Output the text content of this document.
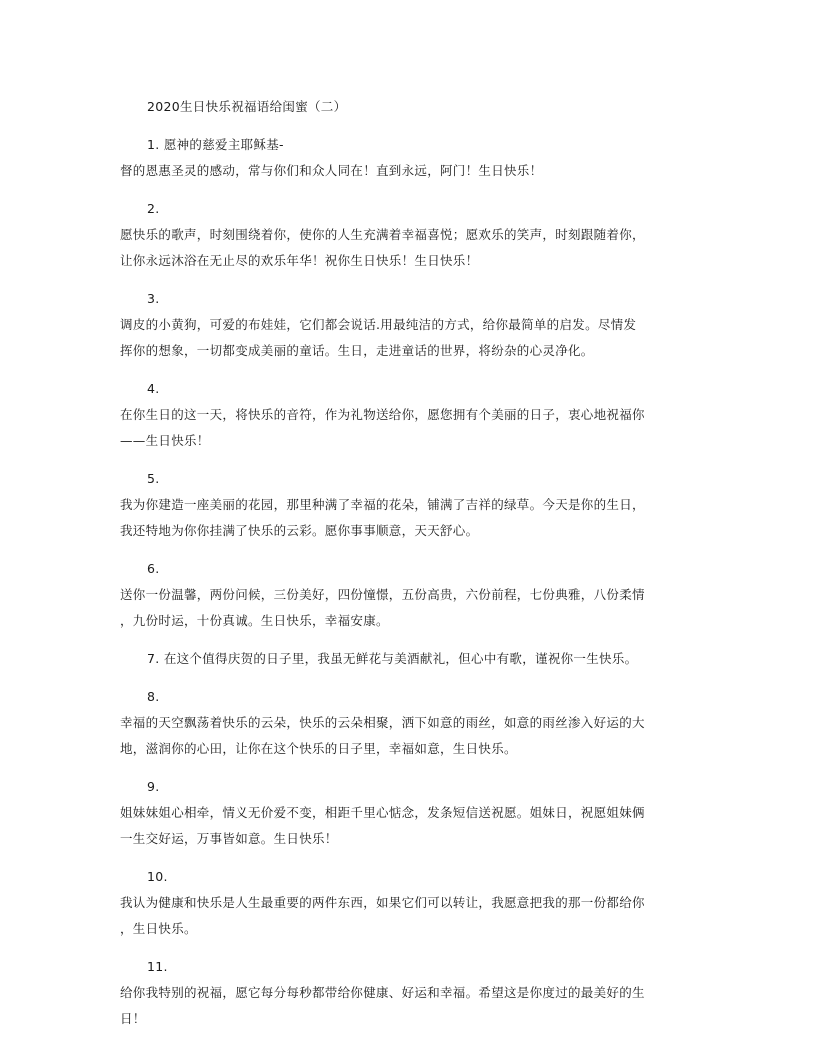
2020生日快乐祝福语给闺蜜（二）
1. 愿神的慈爱主耶稣基-
督的恩惠圣灵的感动，常与你们和众人同在！直到永远，阿门！生日快乐！
2.
愿快乐的歌声，时刻围绕着你，使你的人生充满着幸福喜悦；愿欢乐的笑声，时刻跟随着你，
让你永远沐浴在无止尽的欢乐年华！祝你生日快乐！生日快乐！
3.
调皮的小黄狗，可爱的布娃娃，它们都会说话.用最纯洁的方式，给你最简单的启发。尽情发
挥你的想象，一切都变成美丽的童话。生日，走进童话的世界，将纷杂的心灵净化。
4.
在你生日的这一天，将快乐的音符，作为礼物送给你，愿您拥有个美丽的日子，衷心地祝福你
——生日快乐！
5.
我为你建造一座美丽的花园，那里种满了幸福的花朵，铺满了吉祥的绿草。今天是你的生日，
我还特地为你你挂满了快乐的云彩。愿你事事顺意，天天舒心。
6.
送你一份温馨，两份问候，三份美好，四份憧憬，五份高贵，六份前程，七份典雅，八份柔情
，九份时运，十份真诚。生日快乐，幸福安康。
7. 在这个值得庆贺的日子里，我虽无鲜花与美酒献礼，但心中有歌，谨祝你一生快乐。
8.
幸福的天空飘荡着快乐的云朵，快乐的云朵相聚，洒下如意的雨丝，如意的雨丝渗入好运的大
地，滋润你的心田，让你在这个快乐的日子里，幸福如意，生日快乐。
9.
姐妹妹姐心相牵，情义无价爱不变，相距千里心惦念，发条短信送祝愿。姐妹日，祝愿姐妹俩
一生交好运，万事皆如意。生日快乐！
10.
我认为健康和快乐是人生最重要的两件东西，如果它们可以转让，我愿意把我的那一份都给你
，生日快乐。
11.
给你我特别的祝福，愿它每分每秒都带给你健康、好运和幸福。希望这是你度过的最美好的生
日！
